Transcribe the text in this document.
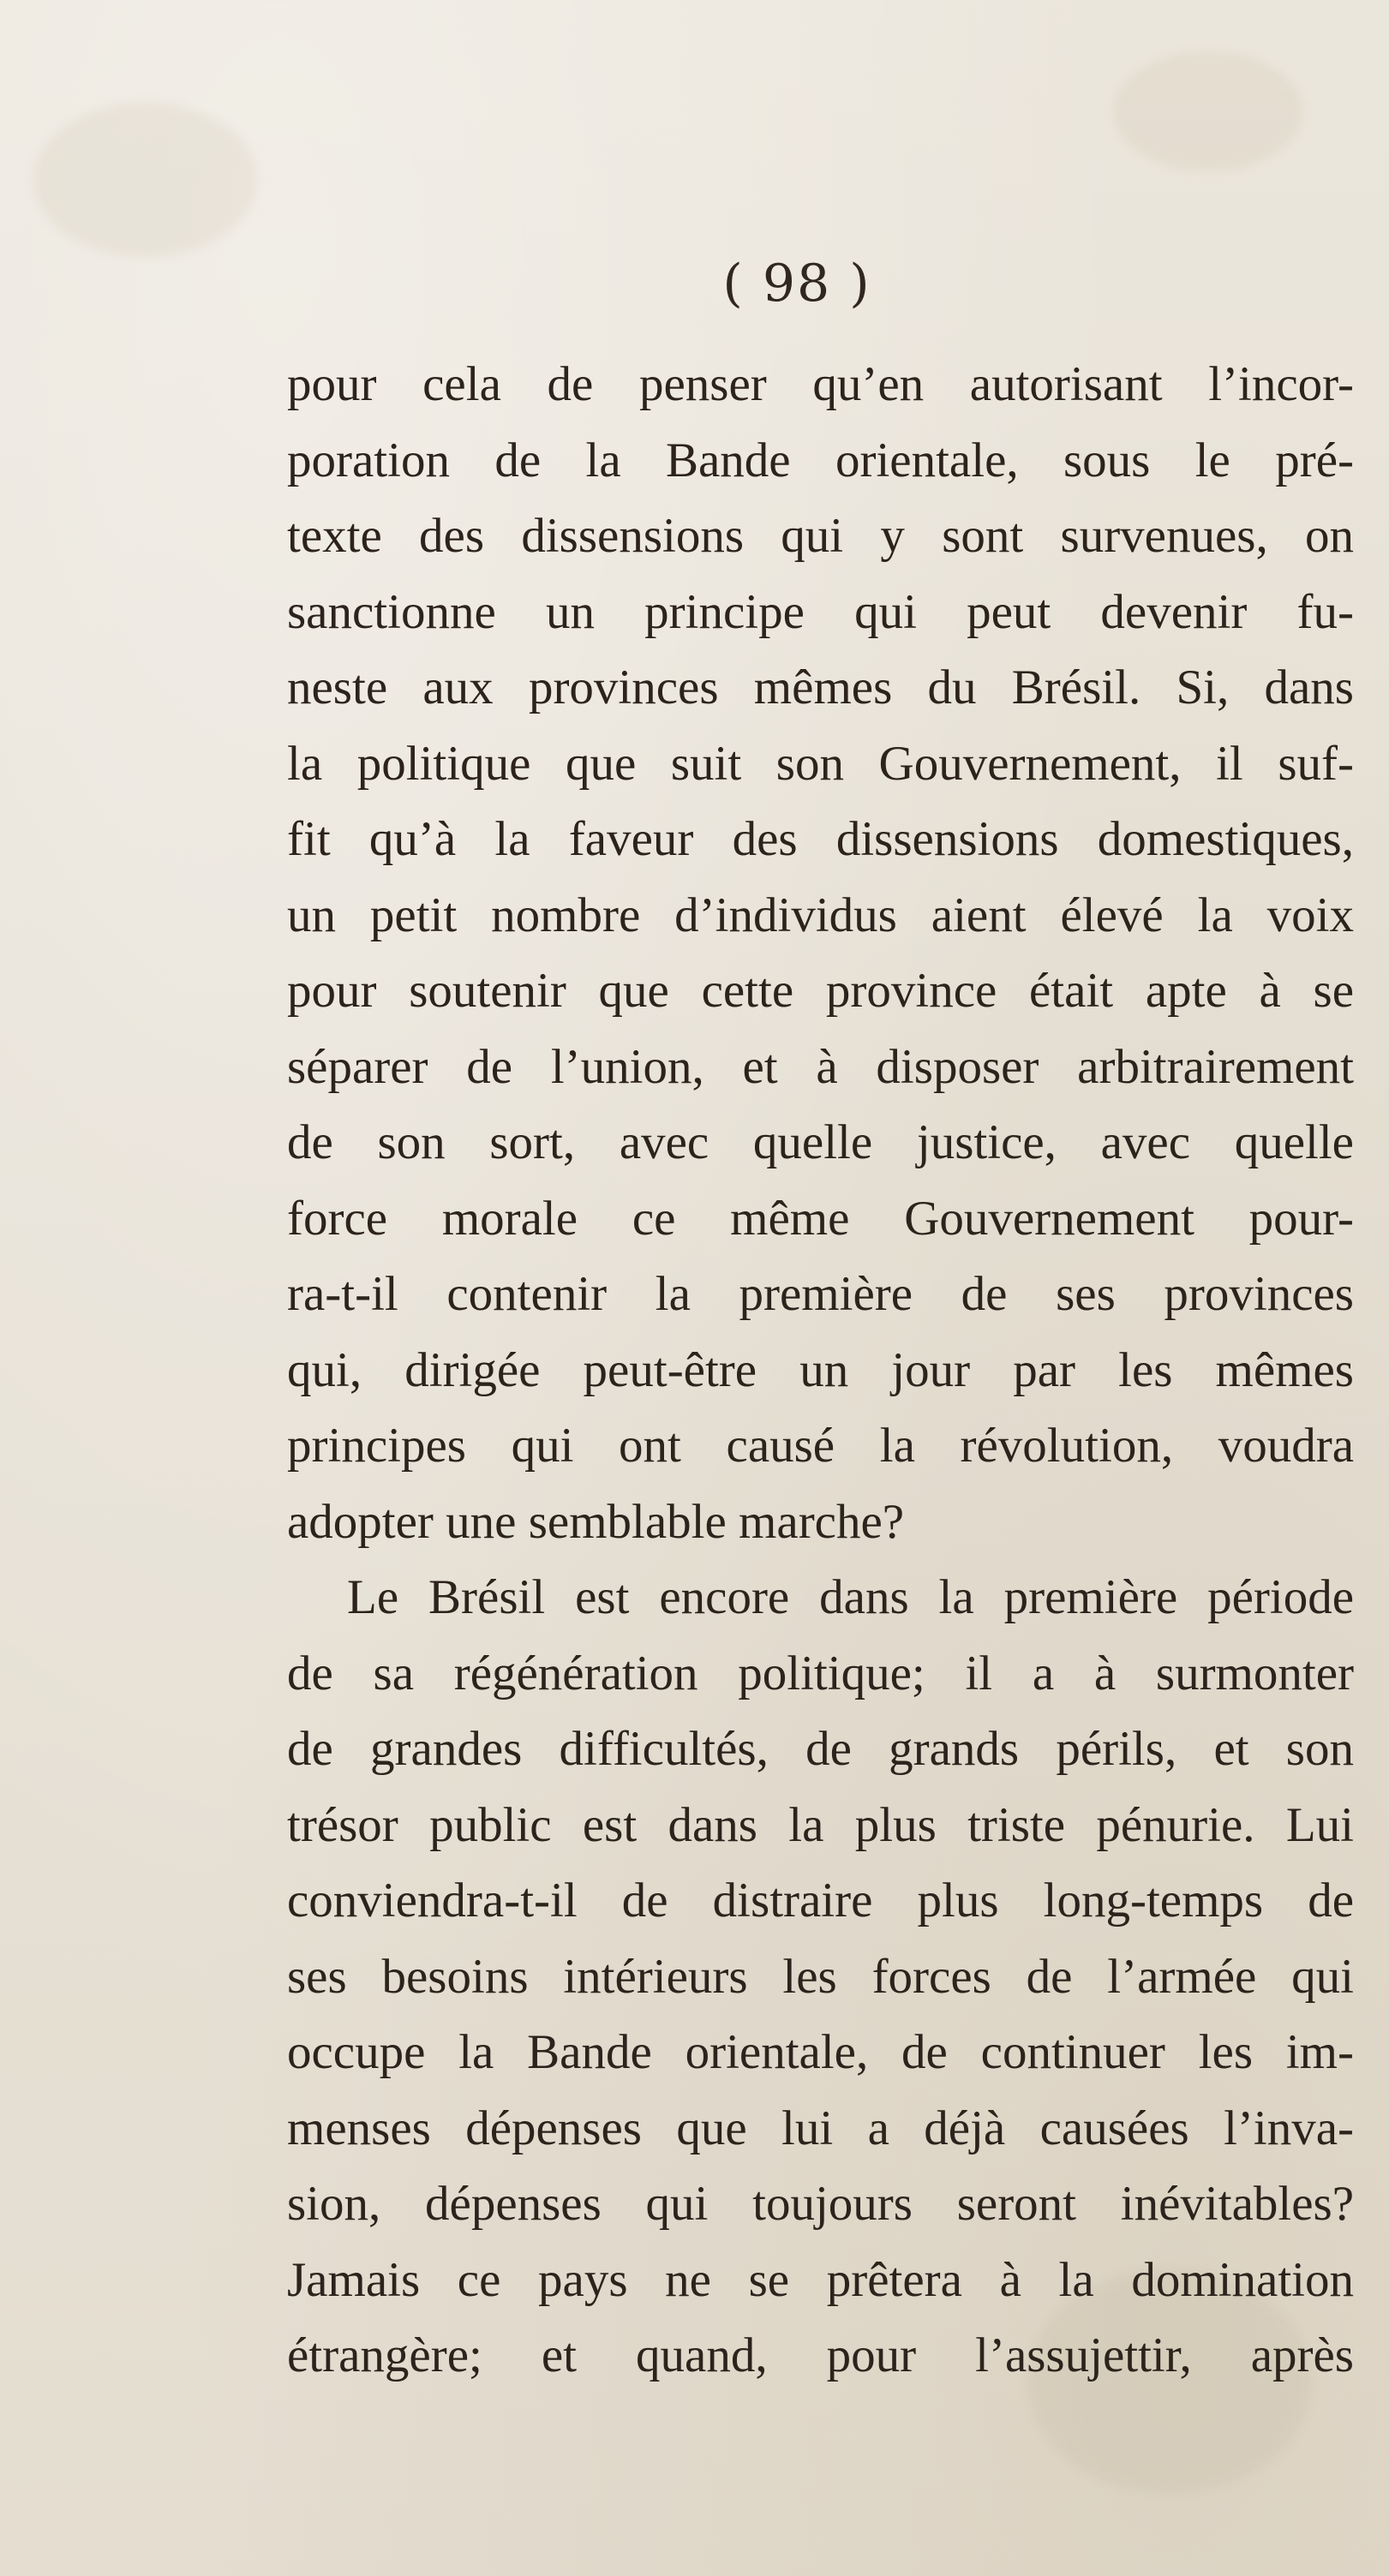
( 98 )
pour cela de penser qu’en autorisant l’incor-
poration de la Bande orientale, sous le pré-
texte des dissensions qui y sont survenues, on
sanctionne un principe qui peut devenir fu-
neste aux provinces mêmes du Brésil. Si, dans
la politique que suit son Gouvernement, il suf-
fit qu’à la faveur des dissensions domestiques,
un petit nombre d’individus aient élevé la voix
pour soutenir que cette province était apte à se
séparer de l’union, et à disposer arbitrairement
de son sort, avec quelle justice, avec quelle
force morale ce même Gouvernement pour-
ra-t-il contenir la première de ses provinces
qui, dirigée peut-être un jour par les mêmes
principes qui ont causé la révolution, voudra
adopter une semblable marche?
Le Brésil est encore dans la première période
de sa régénération politique; il a à surmonter
de grandes difficultés, de grands périls, et son
trésor public est dans la plus triste pénurie. Lui
conviendra-t-il de distraire plus long-temps de
ses besoins intérieurs les forces de l’armée qui
occupe la Bande orientale, de continuer les im-
menses dépenses que lui a déjà causées l’inva-
sion, dépenses qui toujours seront inévitables?
Jamais ce pays ne se prêtera à la domination
étrangère; et quand, pour l’assujettir, après
